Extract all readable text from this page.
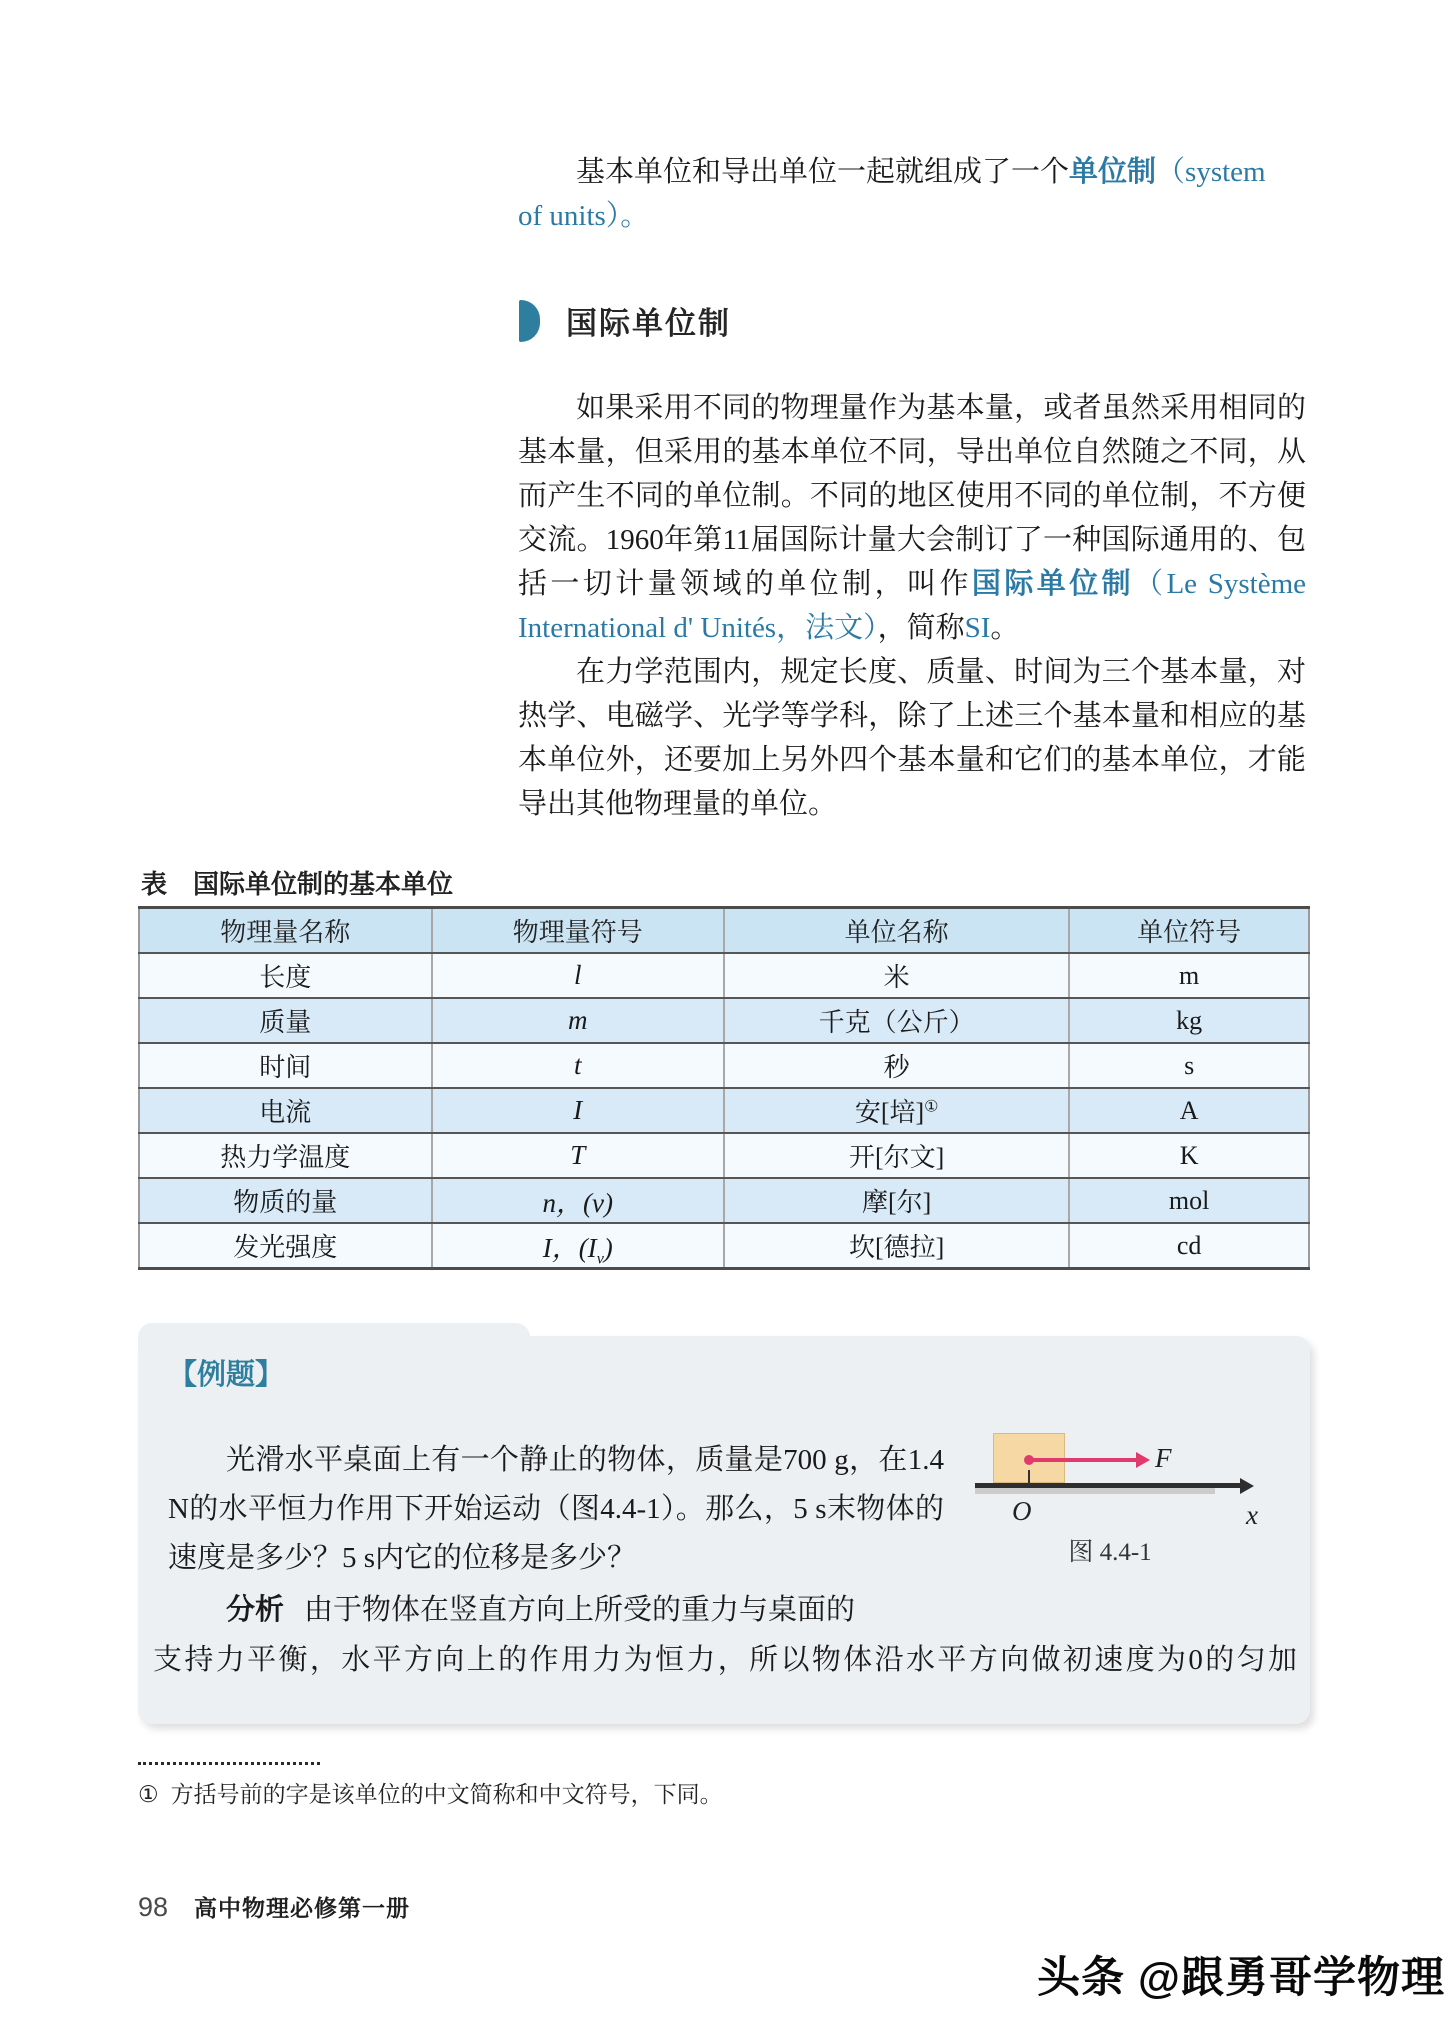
基本单位和导出单位一起就组成了一个单位制（system
of units）。

国际单位制

如果采用不同的物理量作为基本量，或者虽然采用相同的基本量，但采用的基本单位不同，导出单位自然随之不同，从而产生不同的单位制。不同的地区使用不同的单位制，不方便交流。1960年第11届国际计量大会制订了一种国际通用的、包括一切计量领域的单位制，叫作国际单位制（Le Système International d' Unités，法文），简称SI。

在力学范围内，规定长度、质量、时间为三个基本量，对热学、电磁学、光学等学科，除了上述三个基本量和相应的基本单位外，还要加上另外四个基本量和它们的基本单位，才能导出其他物理量的单位。

表　国际单位制的基本单位
物理量名称	物理量符号	单位名称	单位符号
长度	l	米	m
质量	m	千克（公斤）	kg
时间	t	秒	s
电流	I	安[培]①	A
热力学温度	T	开[尔文]	K
物质的量	n，(ν)	摩[尔]	mol
发光强度	I，$(I_v)$	坎[德拉]	cd
【例题】

光滑水平桌面上有一个静止的物体，质量是700 g，在1.4 N的水平恒力作用下开始运动（图4.4-1）。那么，5 s末物体的速度是多少？5 s内它的位移是多少？

F
O	x
图 4.4-1

分析 由于物体在竖直方向上所受的重力与桌面的

支持力平衡，水平方向上的作用力为恒力，所以物体沿水平方向做初速度为0的匀加

① 方括号前的字是该单位的中文简称和中文符号，下同。
98 高中物理必修第一册
头条 @跟勇哥学物理
